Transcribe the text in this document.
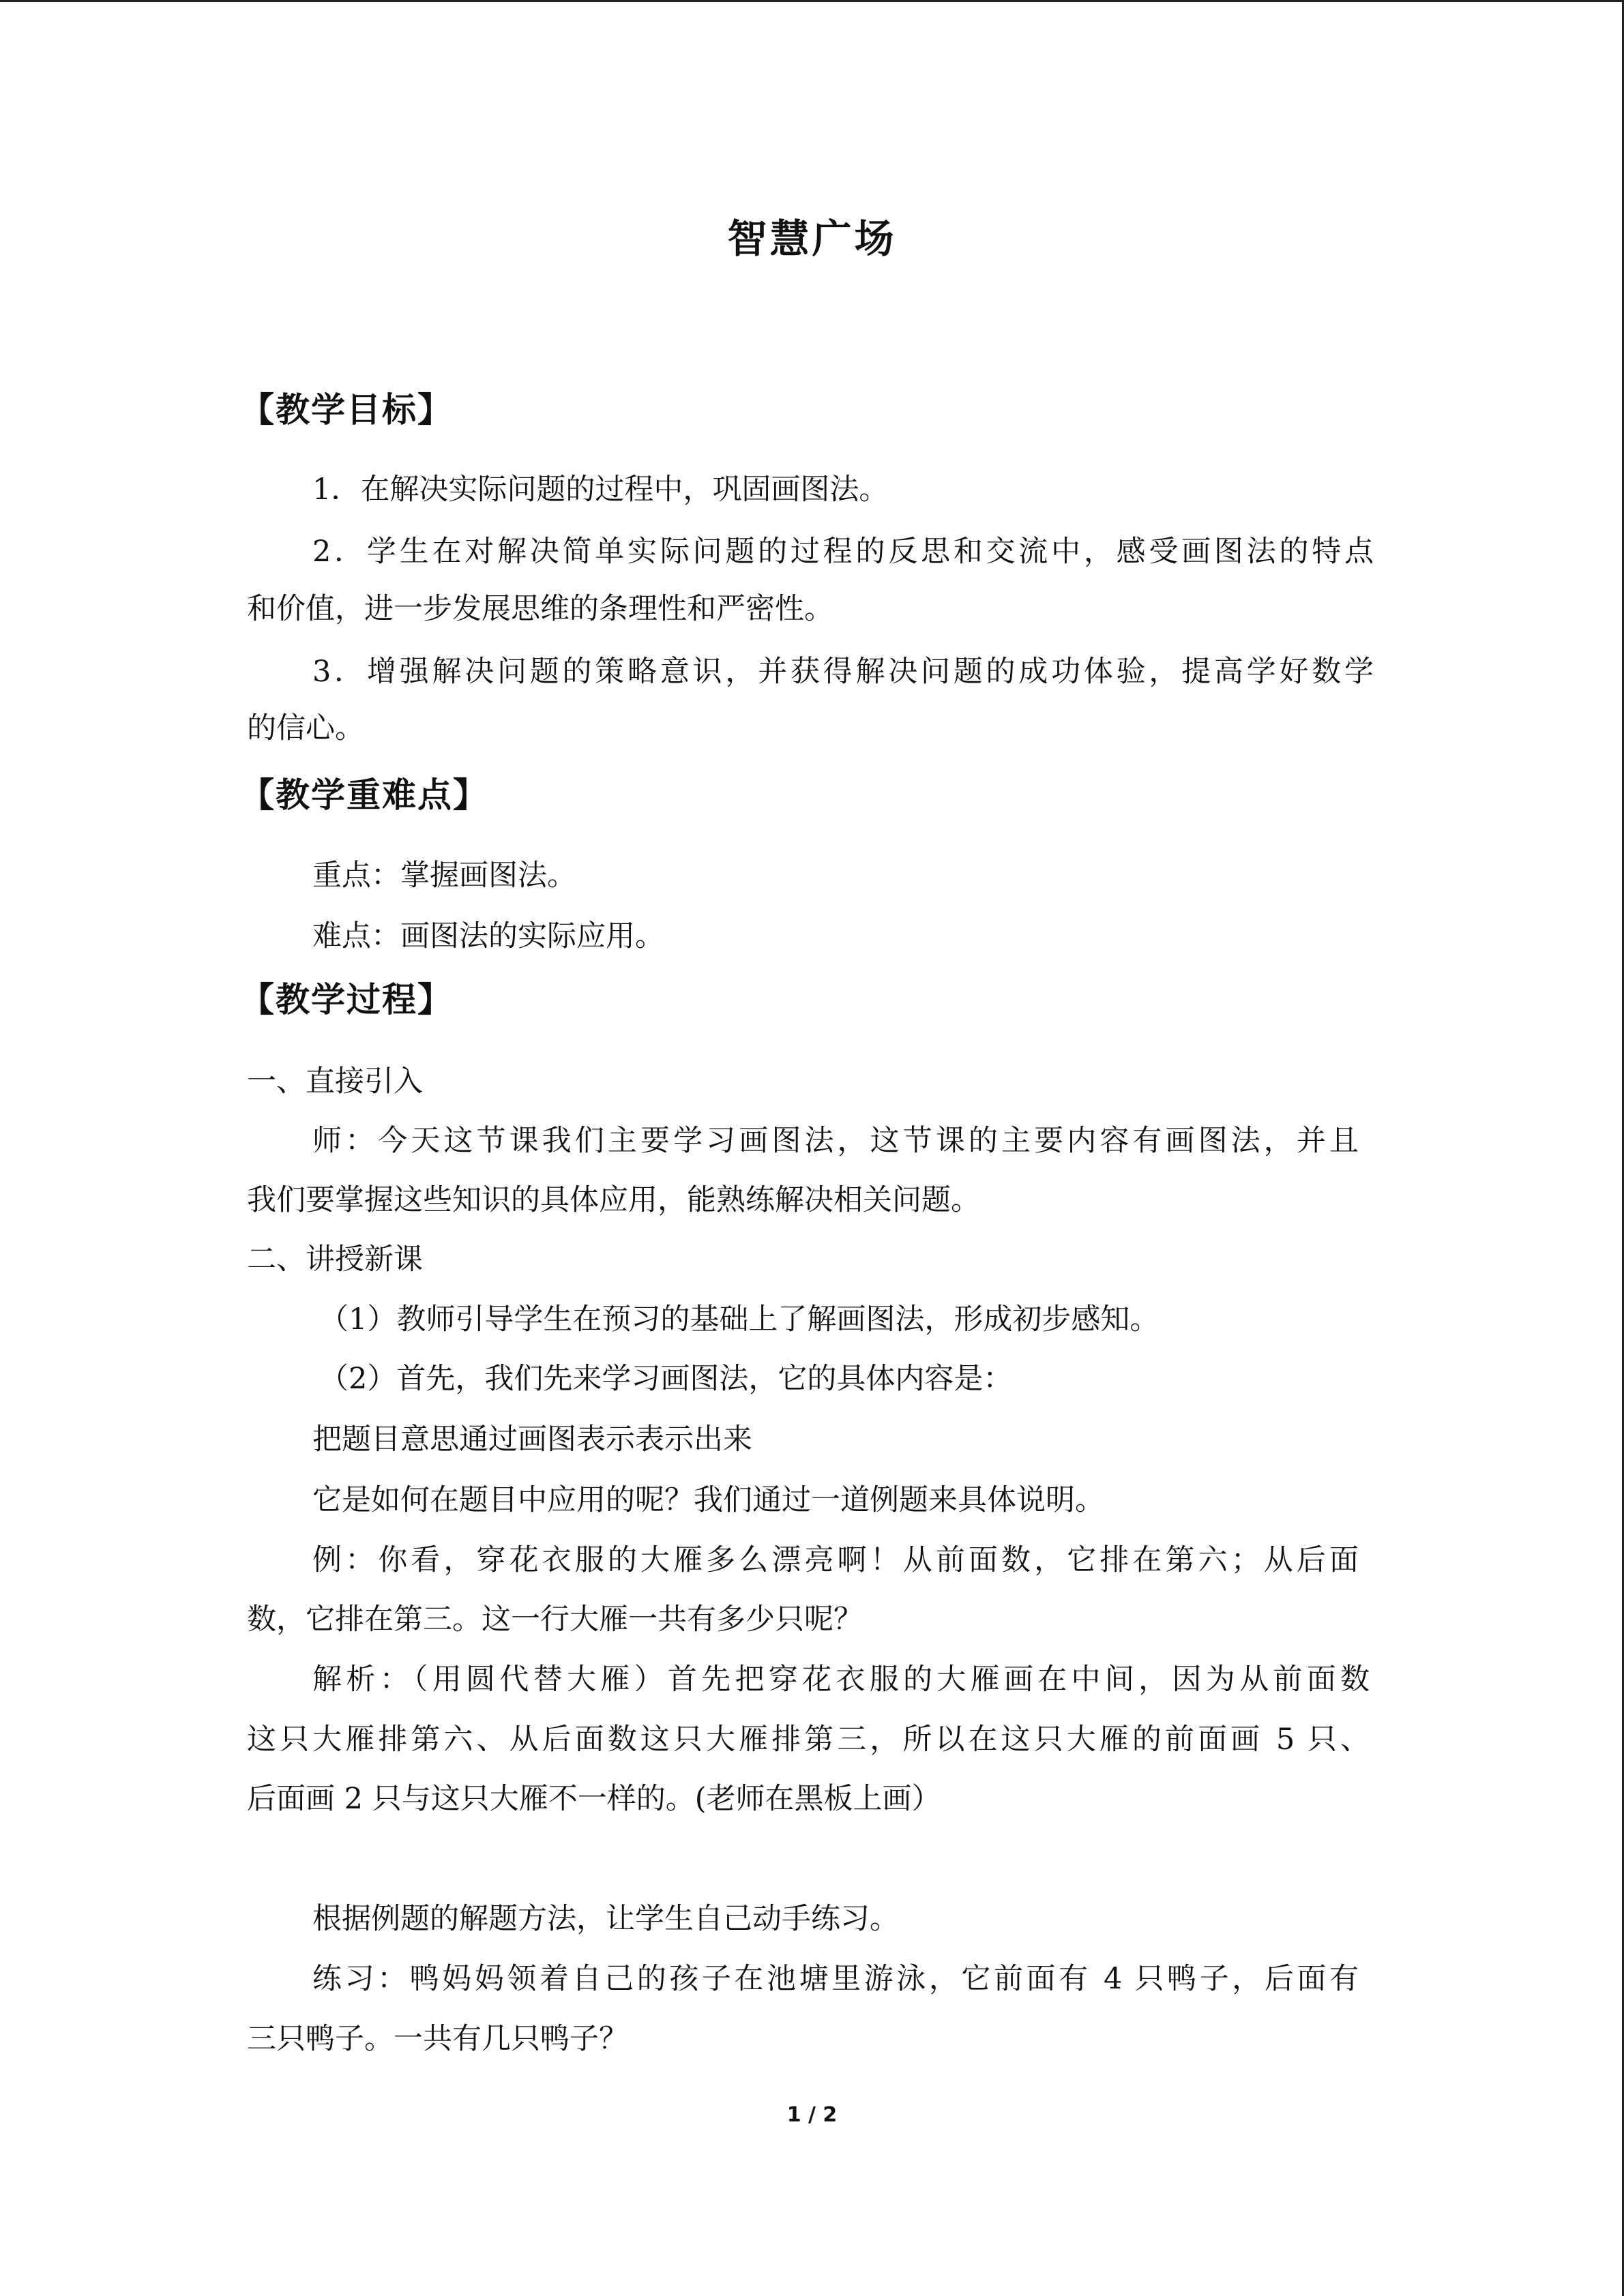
智慧广场
【教学目标】
1．在解决实际问题的过程中，巩固画图法。
2．学生在对解决简单实际问题的过程的反思和交流中，感受画图法的特点
和价值，进一步发展思维的条理性和严密性。
3．增强解决问题的策略意识，并获得解决问题的成功体验，提高学好数学
的信心。
【教学重难点】
重点：掌握画图法。
难点：画图法的实际应用。
【教学过程】
一、直接引入
师：今天这节课我们主要学习画图法，这节课的主要内容有画图法，并且
我们要掌握这些知识的具体应用，能熟练解决相关问题。
二、讲授新课
（1）教师引导学生在预习的基础上了解画图法，形成初步感知。
（2）首先，我们先来学习画图法，它的具体内容是：
把题目意思通过画图表示表示出来
它是如何在题目中应用的呢？我们通过一道例题来具体说明。
例：你看，穿花衣服的大雁多么漂亮啊！从前面数，它排在第六；从后面
数，它排在第三。这一行大雁一共有多少只呢？
解析：（用圆代替大雁）首先把穿花衣服的大雁画在中间，因为从前面数
这只大雁排第六、从后面数这只大雁排第三，所以在这只大雁的前面画 5 只、
后面画 2 只与这只大雁不一样的。(老师在黑板上画）
根据例题的解题方法，让学生自己动手练习。
练习：鸭妈妈领着自己的孩子在池塘里游泳，它前面有 4 只鸭子，后面有
三只鸭子。一共有几只鸭子？
1 / 2
